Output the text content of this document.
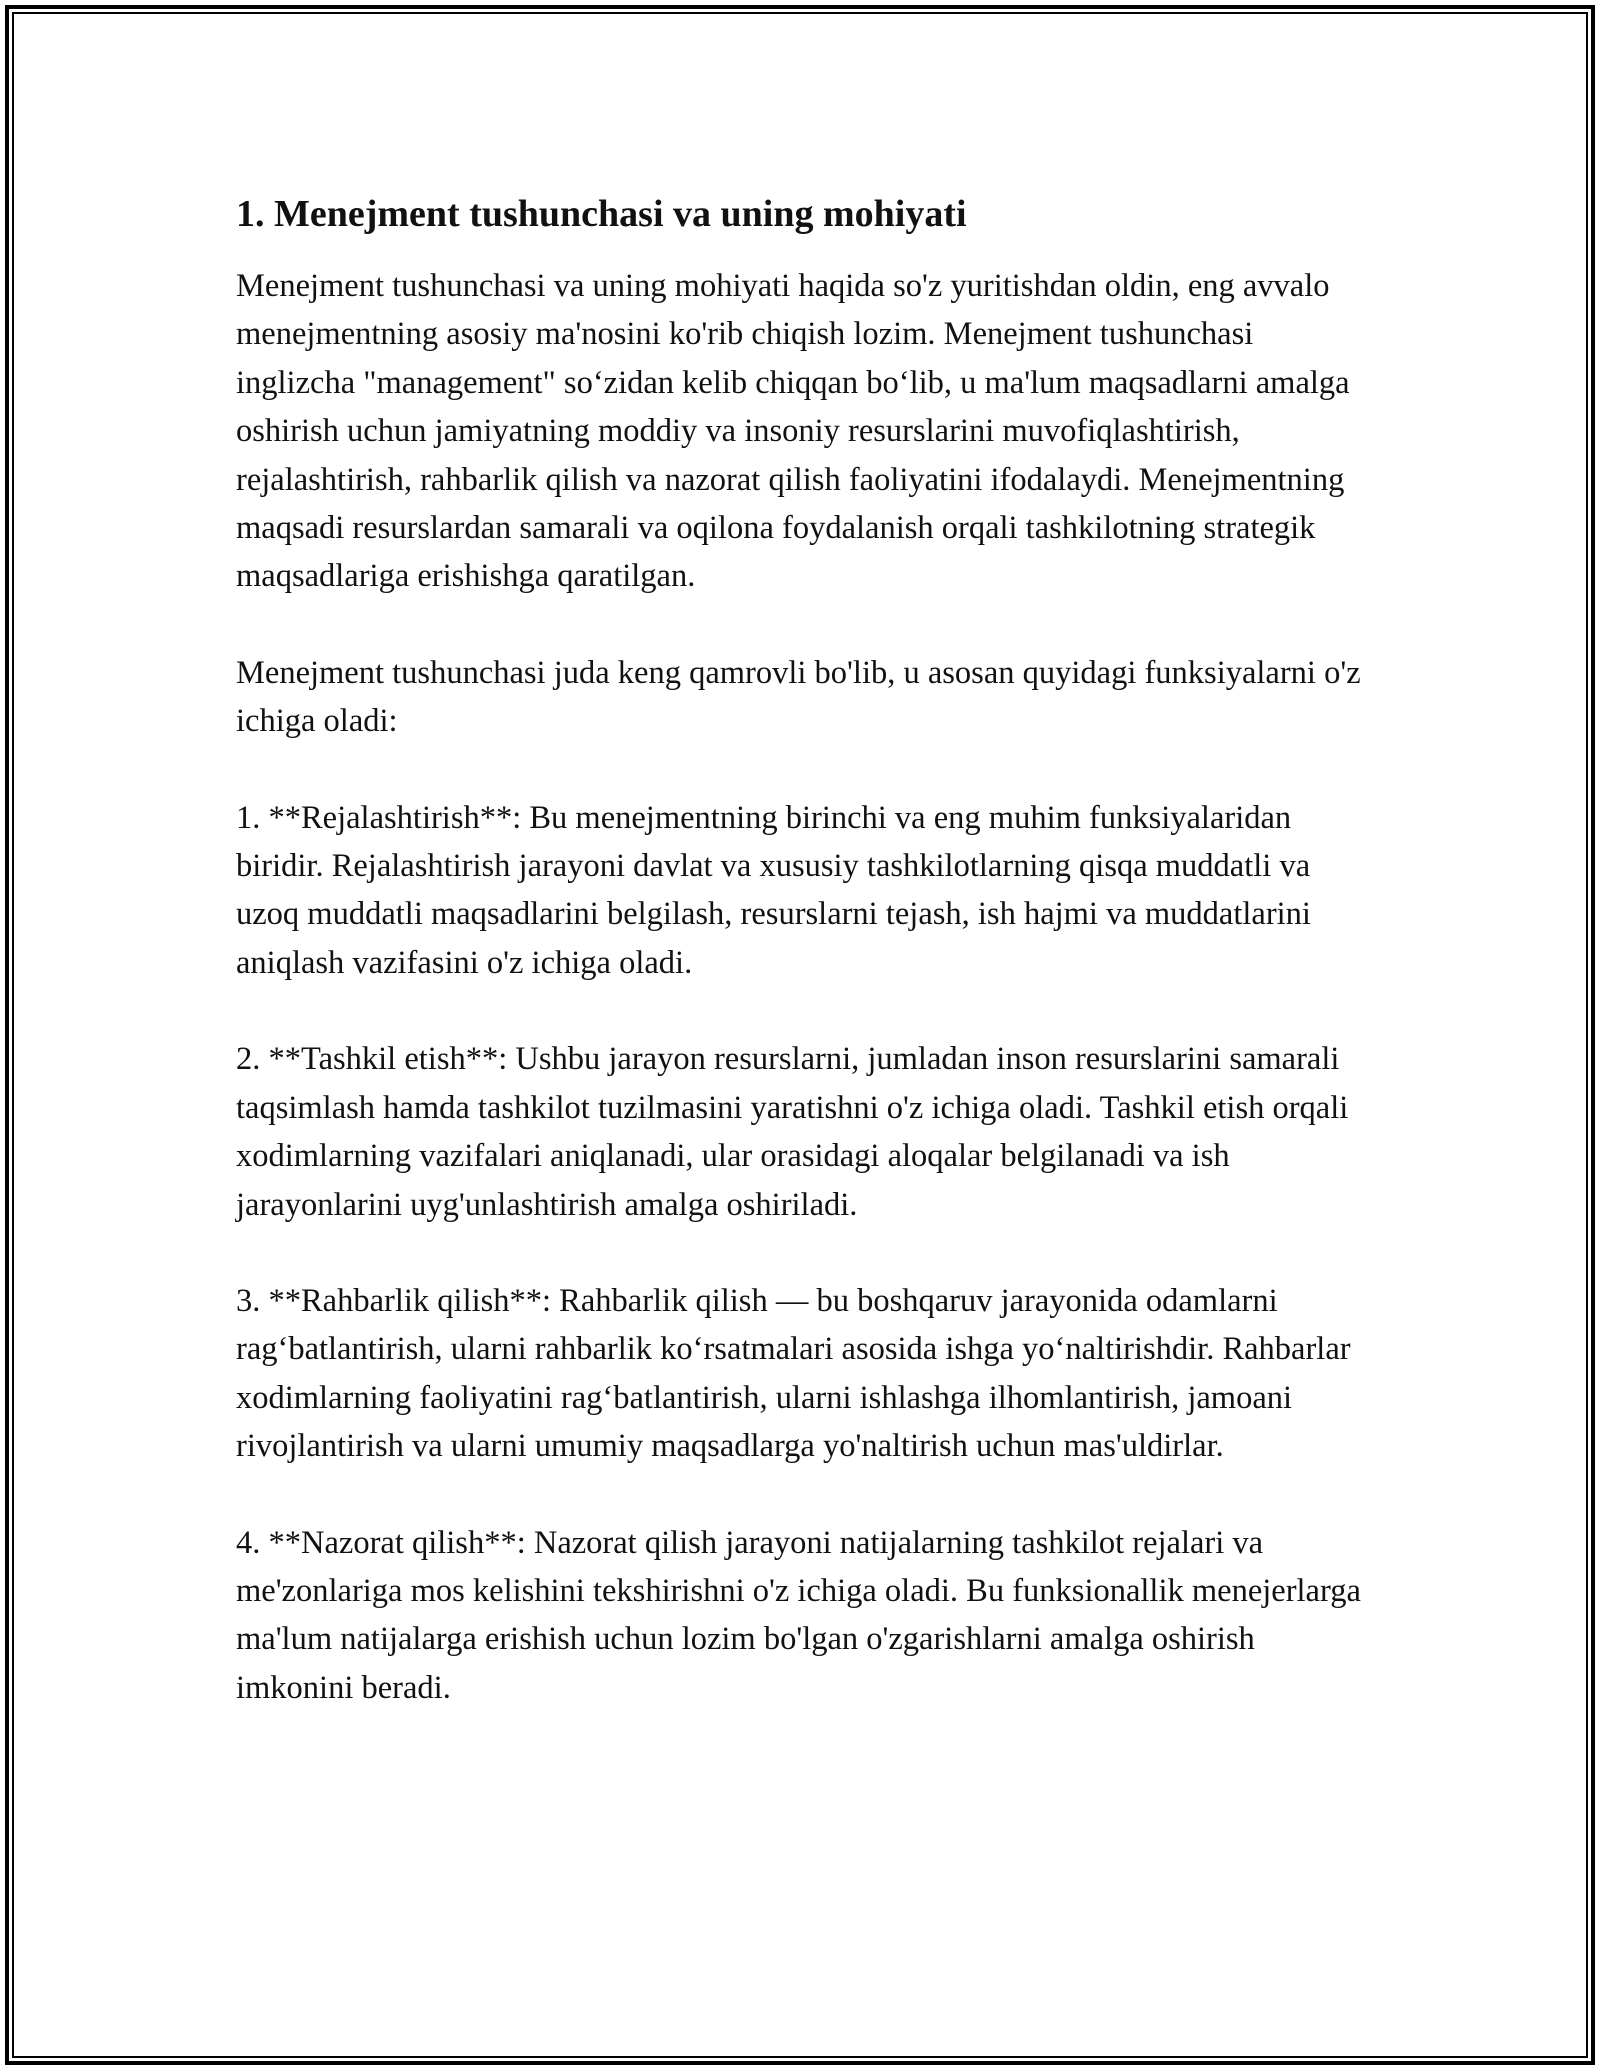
1. Menejment tushunchasi va uning mohiyati

Menejment tushunchasi va uning mohiyati haqida so'z yuritishdan oldin, eng avvalo menejmentning asosiy ma'nosini ko'rib chiqish lozim. Menejment tushunchasi inglizcha "management" so‘zidan kelib chiqqan bo‘lib, u ma'lum maqsadlarni amalga oshirish uchun jamiyatning moddiy va insoniy resurslarini muvofiqlashtirish, rejalashtirish, rahbarlik qilish va nazorat qilish faoliyatini ifodalaydi. Menejmentning maqsadi resurslardan samarali va oqilona foydalanish orqali tashkilotning strategik maqsadlariga erishishga qaratilgan.

Menejment tushunchasi juda keng qamrovli bo'lib, u asosan quyidagi funksiyalarni o'z ichiga oladi:

1. **Rejalashtirish**: Bu menejmentning birinchi va eng muhim funksiyalaridan biridir. Rejalashtirish jarayoni davlat va xususiy tashkilotlarning qisqa muddatli va uzoq muddatli maqsadlarini belgilash, resurslarni tejash, ish hajmi va muddatlarini aniqlash vazifasini o'z ichiga oladi.

2. **Tashkil etish**: Ushbu jarayon resurslarni, jumladan inson resurslarini samarali taqsimlash hamda tashkilot tuzilmasini yaratishni o'z ichiga oladi. Tashkil etish orqali xodimlarning vazifalari aniqlanadi, ular orasidagi aloqalar belgilanadi va ish jarayonlarini uyg'unlashtirish amalga oshiriladi.

3. **Rahbarlik qilish**: Rahbarlik qilish — bu boshqaruv jarayonida odamlarni rag‘batlantirish, ularni rahbarlik ko‘rsatmalari asosida ishga yo‘naltirishdir. Rahbarlar xodimlarning faoliyatini rag‘batlantirish, ularni ishlashga ilhomlantirish, jamoani rivojlantirish va ularni umumiy maqsadlarga yo'naltirish uchun mas'uldirlar.

4. **Nazorat qilish**: Nazorat qilish jarayoni natijalarning tashkilot rejalari va me'zonlariga mos kelishini tekshirishni o'z ichiga oladi. Bu funksionallik menejerlarga ma'lum natijalarga erishish uchun lozim bo'lgan o'zgarishlarni amalga oshirish imkonini beradi.
